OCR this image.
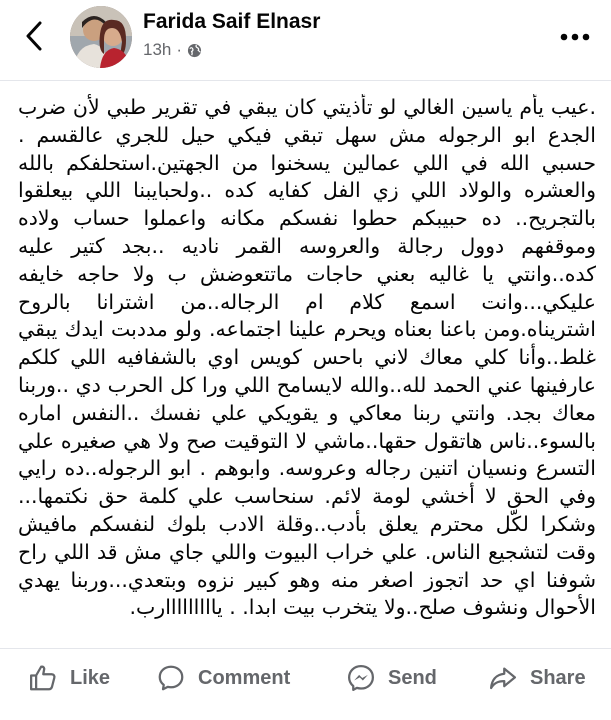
Farida Saif Elnasr
13h ·
.عيب يأم ياسين الغالي لو تأذيتي كان يبقي في تقرير طبي لأن ضرب الجدع ابو الرجوله مش سهل تبقي فيكي حيل للجري عالقسم . حسبي الله في اللي عمالين يسخنوا من الجهتين.استحلفكم بالله والعشره والولاد اللي زي الفل كفايه كده ..ولحبايبنا اللي بيعلقوا بالتجريح.. ده حبيبكم حطوا نفسكم مكانه واعملوا حساب ولاده وموقفهم دوول رجالة والعروسه القمر ناديه ..بجد كتير عليه كده..وانتي يا غاليه بعني حاجات ماتتعوضش ب ولا حاجه خايفه عليكي...وانت اسمع كلام ام الرجاله..من اشترانا بالروح اشتريناه.ومن باعنا بعناه ويحرم علينا اجتماعه. ولو مددبت ايدك يبقي غلط..وأنا كلي معاك لاني باحس كويس اوي بالشفافيه اللي كلكم عارفينها عني الحمد لله..والله لايسامح اللي ورا كل الحرب دي ..وربنا معاك بجد. وانتي ربنا معاكي و يقويكي علي نفسك ..النفس اماره بالسوء..ناس هاتقول حقها..ماشي لا التوقيت صح ولا هي صغيره علي التسرع ونسيان اتنين رجاله وعروسه. وابوهم . ابو الرجوله..ده رايي وفي الحق لا أخشي لومة لائم. سنحاسب علي كلمة حق نكتمها... وشكرا لكّل محترم يعلق بأدب..وقلة الادب بلوك لنفسكم مافيش وقت لتشجيع الناس. علي خراب البيوت واللي جاي مش قد اللي راح شوفنا اي حد اتجوز اصغر منه وهو كبير نزوه وبتعدي...وربنا يهدي الأحوال ونشوف صلح..ولا يتخرب بيت ابدا. . يااااااااارب.
Like	Comment	Send	Share
